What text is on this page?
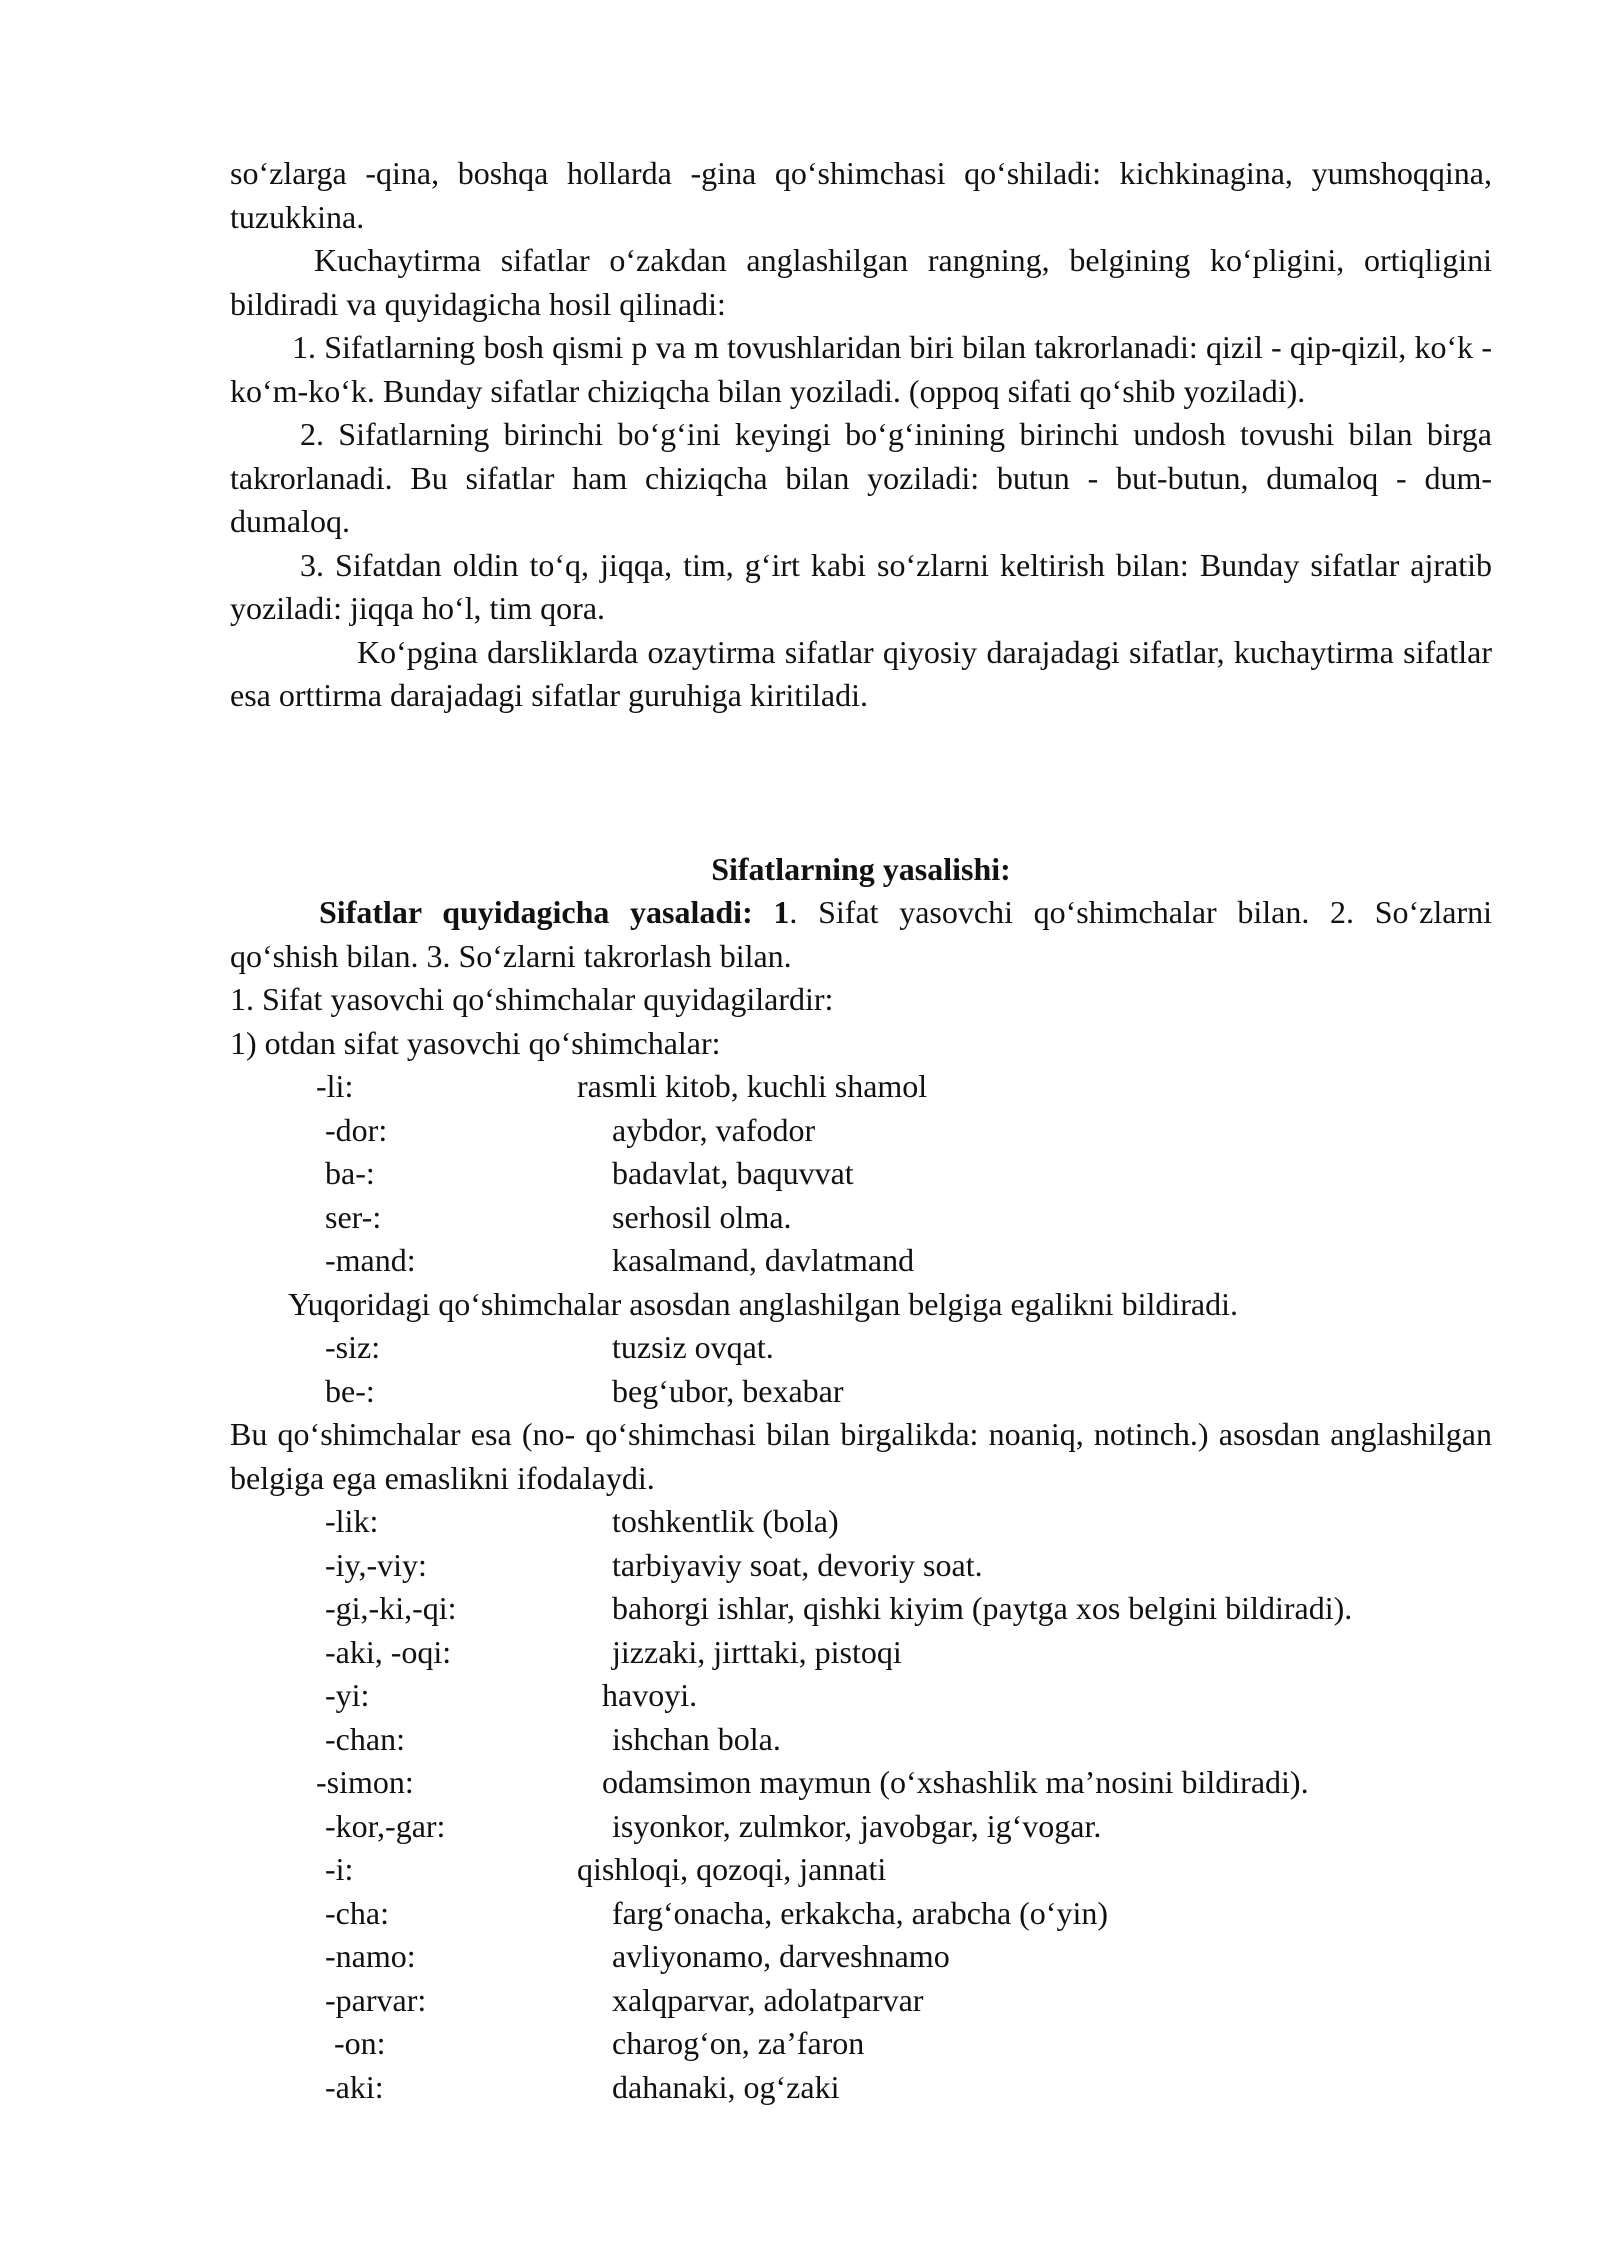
so‘zlarga -qina, boshqa hollarda -gina qo‘shimchasi qo‘shiladi: kichkinagina, yumshoqqina, tuzukkina.

Kuchaytirma sifatlar o‘zakdan anglashilgan rangning, belgining ko‘pligini, ortiqligini bildiradi va quyidagicha hosil qilinadi:

1. Sifatlarning bosh qismi p va m tovushlaridan biri bilan takrorlanadi: qizil - qip-qizil, ko‘k - ko‘m-ko‘k. Bunday sifatlar chiziqcha bilan yoziladi. (oppoq sifati qo‘shib yoziladi).

2. Sifatlarning birinchi bo‘g‘ini keyingi bo‘g‘inining birinchi undosh tovushi bilan birga takrorlanadi. Bu sifatlar ham chiziqcha bilan yoziladi: butun - but-butun, dumaloq - dum-dumaloq.

3. Sifatdan oldin to‘q, jiqqa, tim, g‘irt kabi so‘zlarni keltirish bilan: Bunday sifatlar ajratib yoziladi: jiqqa ho‘l, tim qora.

Ko‘pgina darsliklarda ozaytirma sifatlar qiyosiy darajadagi sifatlar, kuchaytirma sifatlar esa orttirma darajadagi sifatlar guruhiga kiritiladi.

Sifatlarning yasalishi:

Sifatlar quyidagicha yasaladi: 1. Sifat yasovchi qo‘shimchalar bilan. 2. So‘zlarni qo‘shish bilan. 3. So‘zlarni takrorlash bilan.

1. Sifat yasovchi qo‘shimchalar quyidagilardir:

1) otdan sifat yasovchi qo‘shimchalar:

-li:	rasmli kitob, kuchli shamol
-dor:	aybdor, vafodor
ba-:	badavlat, baquvvat
ser-:	serhosil olma.
-mand:	kasalmand, davlatmand

Yuqoridagi qo‘shimchalar asosdan anglashilgan belgiga egalikni bildiradi.

-siz:	tuzsiz ovqat.
be-:	beg‘ubor, bexabar

Bu qo‘shimchalar esa (no- qo‘shimchasi bilan birgalikda: noaniq, notinch.) asosdan anglashilgan belgiga ega emaslikni ifodalaydi.

-lik:	toshkentlik (bola)
-iy,-viy:	tarbiyaviy soat, devoriy soat.
-gi,-ki,-qi:	bahorgi ishlar, qishki kiyim (paytga xos belgini bildiradi).
-aki, -oqi:	jizzaki, jirttaki, pistoqi
-yi:	havoyi.
-chan:	ishchan bola.
-simon:	odamsimon maymun (o‘xshashlik ma’nosini bildiradi).
-kor,-gar:	isyonkor, zulmkor, javobgar, ig‘vogar.
-i:	qishloqi, qozoqi, jannati
-cha:	farg‘onacha, erkakcha, arabcha (o‘yin)
-namo:	avliyonamo, darveshnamo
-parvar:	xalqparvar, adolatparvar
-on:	charog‘on, za’faron
-aki:	dahanaki, og‘zaki
